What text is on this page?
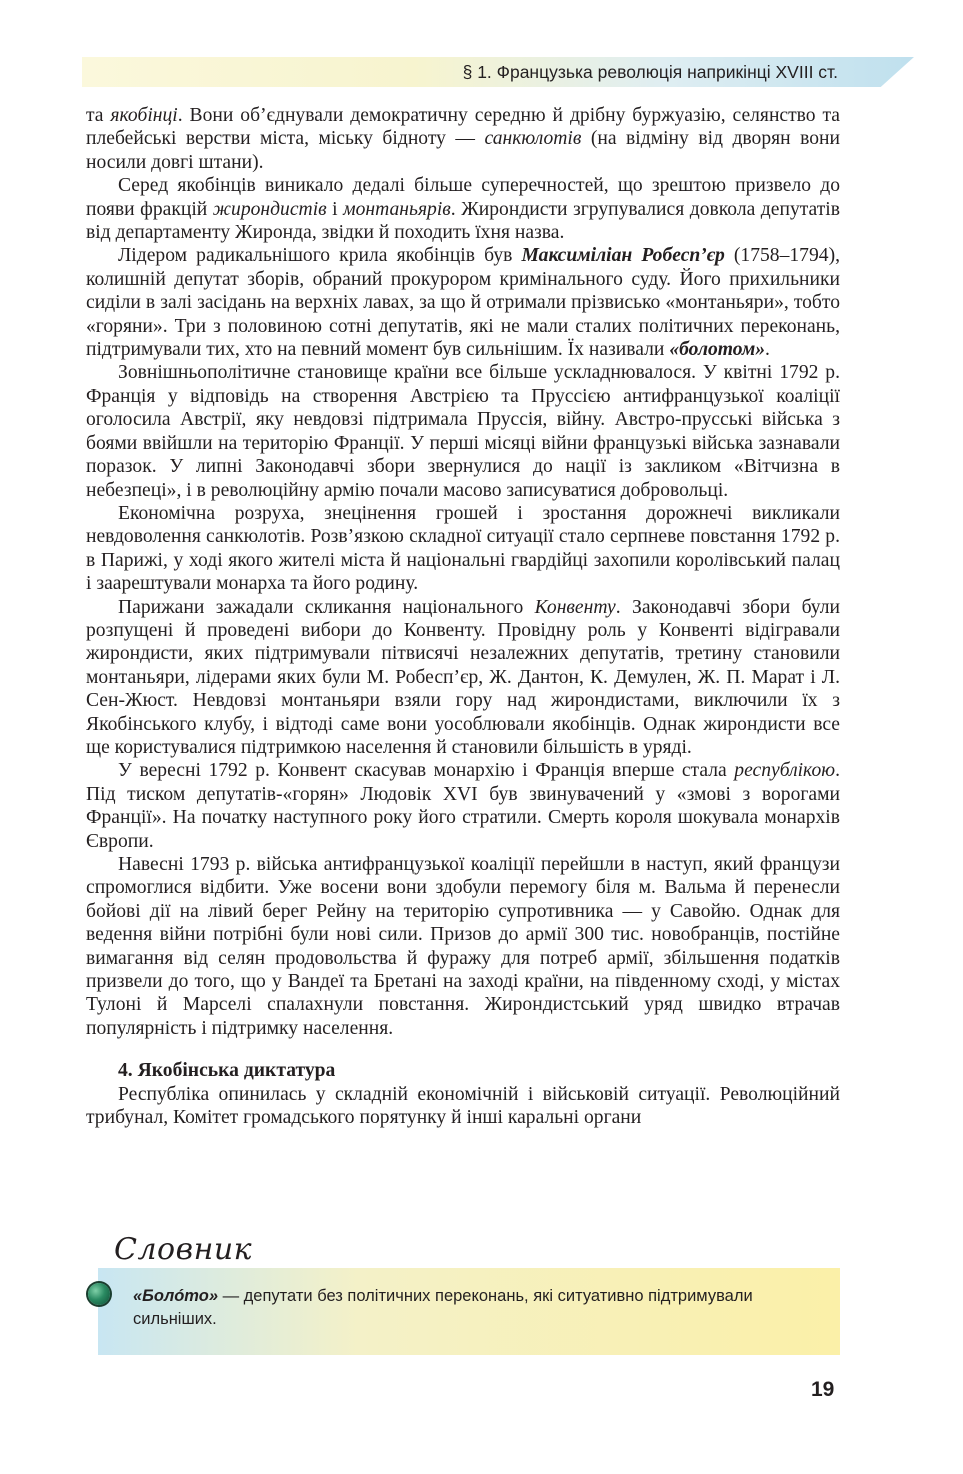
§ 1. Французька революція наприкінці XVIII ст.

та якобінці. Вони об’єднували демократичну середню й дрібну буржуазію, селянство та плебейські верстви міста, міську бідноту — санкюлотів (на відміну від дворян вони носили довгі штани).

Серед якобінців виникало дедалі більше суперечностей, що зрештою призвело до появи фракцій жирондистів і монтаньярів. Жирондисти згрупувалися довкола депутатів від департаменту Жиронда, звідки й походить їхня назва.

Лідером радикальнішого крила якобінців був Максиміліан Робесп’єр (1758–1794), колишній депутат зборів, обраний прокурором кримінального суду. Його прихильники сиділи в залі засідань на верхніх лавах, за що й отримали прізвисько «монтаньяри», тобто «горяни». Три з половиною сотні депутатів, які не мали сталих політичних переконань, підтримували тих, хто на певний момент був сильнішим. Їх називали «болотом».

Зовнішньополітичне становище країни все більше ускладнювалося. У квітні 1792 р. Франція у відповідь на створення Австрією та Пруссією антифранцузької коаліції оголосила Австрії, яку невдовзі підтримала Пруссія, війну. Австро-прусські війська з боями ввійшли на територію Франції. У перші місяці війни французькі війська зазнавали поразок. У липні Законодавчі збори звернулися до нації із закликом «Вітчизна в небезпеці», і в революційну армію почали масово записуватися добровольці.

Економічна розруха, знецінення грошей і зростання дорожнечі викликали невдоволення санкюлотів. Розв’язкою складної ситуації стало серпневе повстання 1792 р. в Парижі, у ході якого жителі міста й національні гвардійці захопили королівський палац і заарештували монарха та його родину.

Парижани зажадали скликання національного Конвенту. Законодавчі збори були розпущені й проведені вибори до Конвенту. Провідну роль у Конвенті відігравали жирондисти, яких підтримували пітвисячі незалежних депутатів, третину становили монтаньяри, лідерами яких були М. Робесп’єр, Ж. Дантон, К. Демулен, Ж. П. Марат і Л. Сен-Жюст. Невдовзі монтаньяри взяли гору над жирондистами, виключили їх з Якобінського клубу, і відтоді саме вони уособлювали якобінців. Однак жирондисти все ще користувалися підтримкою населення й становили більшість в уряді.

У вересні 1792 р. Конвент скасував монархію і Франція вперше стала республікою. Під тиском депутатів-«горян» Людовік XVI був звинувачений у «змові з ворогами Франції». На початку наступного року його стратили. Смерть короля шокувала монархів Європи.

Навесні 1793 р. війська антифранцузької коаліції перейшли в наступ, який французи спромоглися відбити. Уже восени вони здобули перемогу біля м. Вальма й перенесли бойові дії на лівий берег Рейну на територію супротивника — у Савойю. Однак для ведення війни потрібні були нові сили. Призов до армії 300 тис. новобранців, постійне вимагання від селян продовольства й фуражу для потреб армії, збільшення податків призвели до того, що у Вандеї та Бретані на заході країни, на південному сході, у містах Тулоні й Марселі спалахнули повстання. Жирондистський уряд швидко втрачав популярність і підтримку населення.

4. Якобінська диктатура

Республіка опинилась у складній економічній і військовій ситуації. Революційний трибунал, Комітет громадського порятунку й інші каральні органи

Словник
«Болóто» — депутати без політичних переконань, які ситуативно підтримували сильніших.
19
